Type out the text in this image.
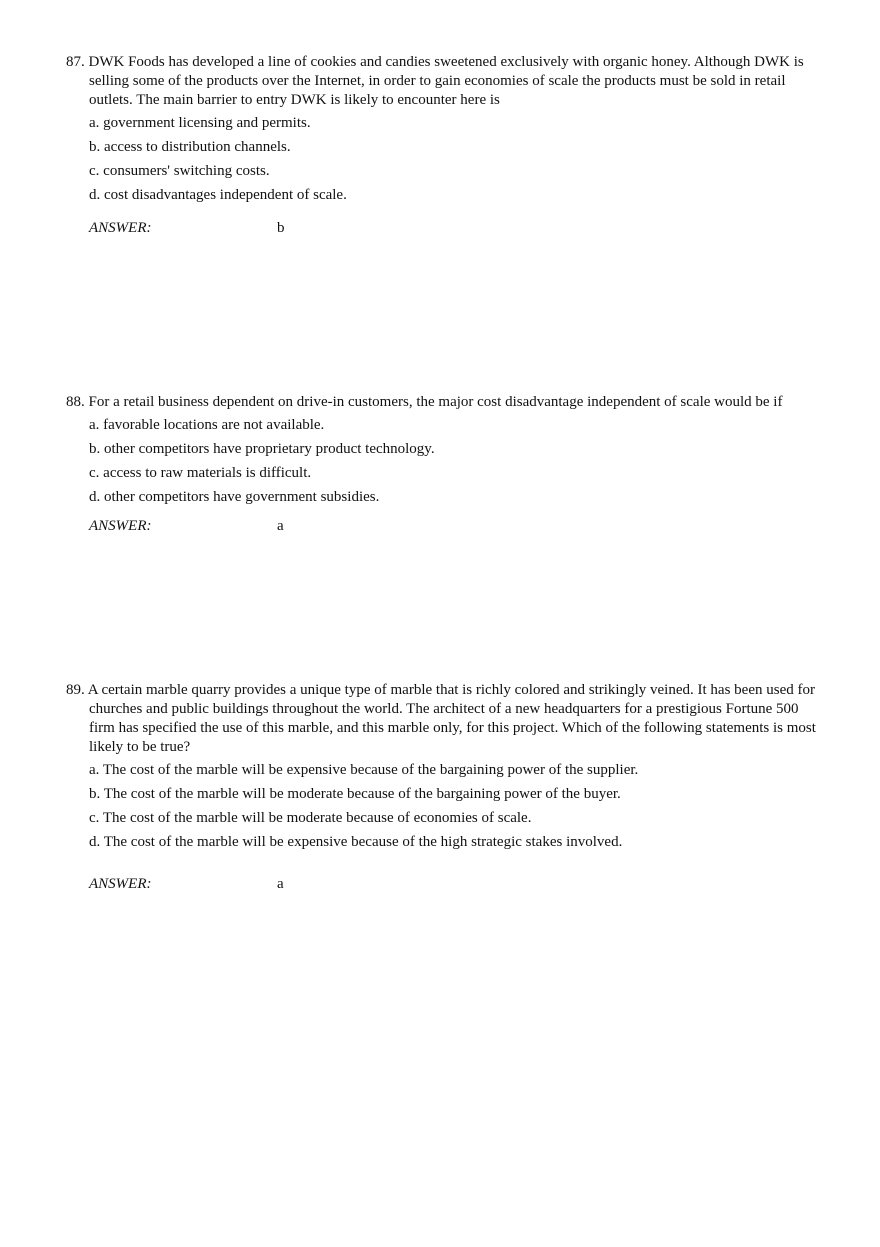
87. DWK Foods has developed a line of cookies and candies sweetened exclusively with organic honey. Although DWK is selling some of the products over the Internet, in order to gain economies of scale the products must be sold in retail outlets. The main barrier to entry DWK is likely to encounter here is

a. government licensing and permits.

b. access to distribution channels.

c. consumers' switching costs.

d. cost disadvantages independent of scale.

ANSWER:	b

88. For a retail business dependent on drive-in customers, the major cost disadvantage independent of scale would be if

a. favorable locations are not available.

b. other competitors have proprietary product technology.

c. access to raw materials is difficult.

d. other competitors have government subsidies.

ANSWER:	a

89. A certain marble quarry provides a unique type of marble that is richly colored and strikingly veined. It has been used for churches and public buildings throughout the world. The architect of a new headquarters for a prestigious Fortune 500 firm has specified the use of this marble, and this marble only, for this project. Which of the following statements is most likely to be true?

a. The cost of the marble will be expensive because of the bargaining power of the supplier.

b. The cost of the marble will be moderate because of the bargaining power of the buyer.

c. The cost of the marble will be moderate because of economies of scale.

d. The cost of the marble will be expensive because of the high strategic stakes involved.

ANSWER:	a
